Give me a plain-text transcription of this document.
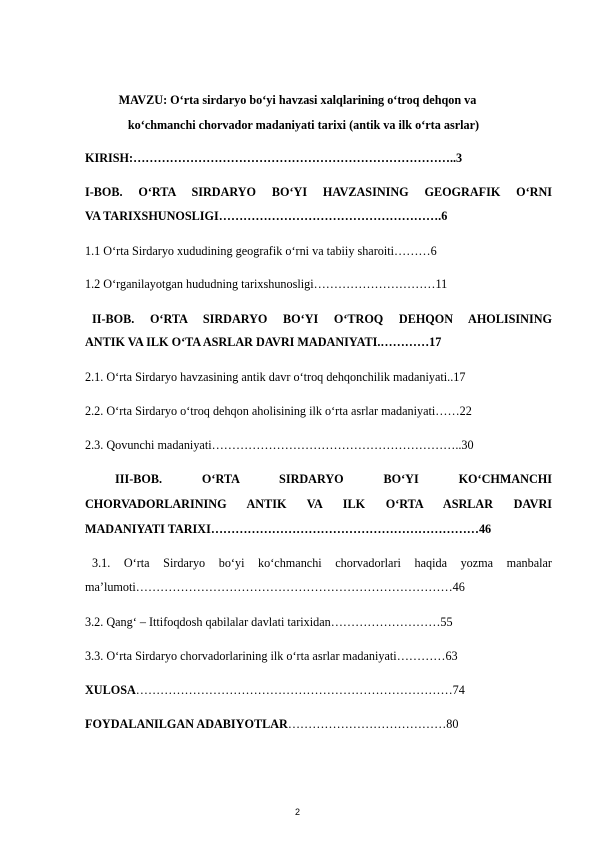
MAVZU: O‘rta sirdaryo bo‘yi havzasi xalqlarining o‘troq dehqon va
ko‘chmanchi chorvador madaniyati tarixi (antik va ilk o‘rta asrlar)
KIRISH:……………………………………………………………………..3
I-BOB. O‘RTA SIRDARYO BO‘YI HAVZASINING GEOGRAFIK O‘RNI
VA TARIXSHUNOSLIGI……………………………………………….6
1.1 O‘rta Sirdaryo xududining geografik o‘rni va tabiiy sharoiti………6
1.2 O‘rganilayotgan hududning tarixshunosligi…………………………11
II-BOB. O‘RTA SIRDARYO BO‘YI O‘TROQ DEHQON AHOLISINING
ANTIK VA ILK O‘TA ASRLAR DAVRI MADANIYATI.…………17
2.1. O‘rta Sirdaryo havzasining antik davr o‘troq dehqonchilik madaniyati..17
2.2. O‘rta Sirdaryo o‘troq dehqon aholisining ilk o‘rta asrlar madaniyati……22
2.3. Qovunchi madaniyati……………………………………………………..30
III-BOB. O‘RTA SIRDARYO BO‘YI KO‘CHMANCHI
CHORVADORLARINING ANTIK VA ILK O‘RTA ASRLAR DAVRI
MADANIYATI TARIXI…………………………………………………………46
3.1. O‘rta Sirdaryo bo‘yi ko‘chmanchi chorvadorlari haqida yozma manbalar
ma’lumoti……………………………………………………………………46
3.2. Qang‘ – Ittifoqdosh qabilalar davlati tarixidan………………………55
3.3. O‘rta Sirdaryo chorvadorlarining ilk o‘rta asrlar madaniyati…………63
XULOSA……………………………………………………………………74
FOYDALANILGAN ADABIYOTLAR…………………………………80
2
